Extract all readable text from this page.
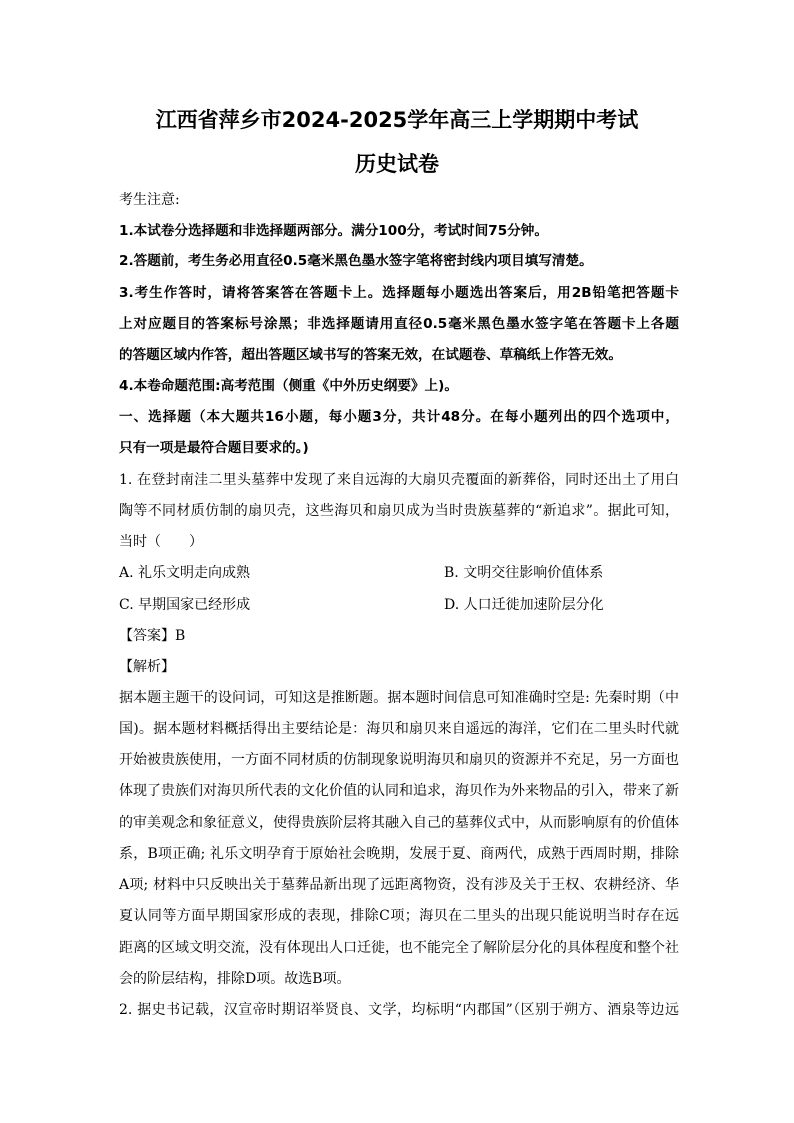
江西省萍乡市2024-2025学年高三上学期期中考试
历史试卷
考生注意:
1.本试卷分选择题和非选择题两部分。满分100分，考试时间75分钟。
2.答题前，考生务必用直径0.5毫米黑色墨水签字笔将密封线内项目填写清楚。
3.考生作答时，请将答案答在答题卡上。选择题每小题选出答案后，用2B铅笔把答题卡
上对应题目的答案标号涂黑；非选择题请用直径0.5毫米黑色墨水签字笔在答题卡上各题
的答题区域内作答，超出答题区域书写的答案无效，在试题卷、草稿纸上作答无效。
4.本卷命题范围:高考范围（侧重《中外历史纲要》上)。
一、选择题（本大题共16小题，每小题3分，共计48分。在每小题列出的四个选项中，
只有一项是最符合题目要求的。)
1. 在登封南洼二里头墓葬中发现了来自远海的大扇贝壳覆面的新葬俗，同时还出土了用白
陶等不同材质仿制的扇贝壳，这些海贝和扇贝成为当时贵族墓葬的“新追求”。据此可知，
当时（　　）
A. 礼乐文明走向成熟	B. 文明交往影响价值体系
C. 早期国家已经形成	D. 人口迁徙加速阶层分化
【答案】B
【解析】
据本题主题干的设问词，可知这是推断题。据本题时间信息可知准确时空是: 先秦时期（中
国)。据本题材料概括得出主要结论是：海贝和扇贝来自遥远的海洋，它们在二里头时代就
开始被贵族使用，一方面不同材质的仿制现象说明海贝和扇贝的资源并不充足，另一方面也
体现了贵族们对海贝所代表的文化价值的认同和追求，海贝作为外来物品的引入，带来了新
的审美观念和象征意义，使得贵族阶层将其融入自己的墓葬仪式中，从而影响原有的价值体
系，B项正确; 礼乐文明孕育于原始社会晚期，发展于夏、商两代，成熟于西周时期，排除
A项; 材料中只反映出关于墓葬品新出现了远距离物资，没有涉及关于王权、农耕经济、华
夏认同等方面早期国家形成的表现，排除C项；海贝在二里头的出现只能说明当时存在远
距离的区域文明交流，没有体现出人口迁徙，也不能完全了解阶层分化的具体程度和整个社
会的阶层结构，排除D项。故选B项。
2. 据史书记载，汉宣帝时期诏举贤良、文学，均标明“内郡国”（区别于朔方、酒泉等边远
